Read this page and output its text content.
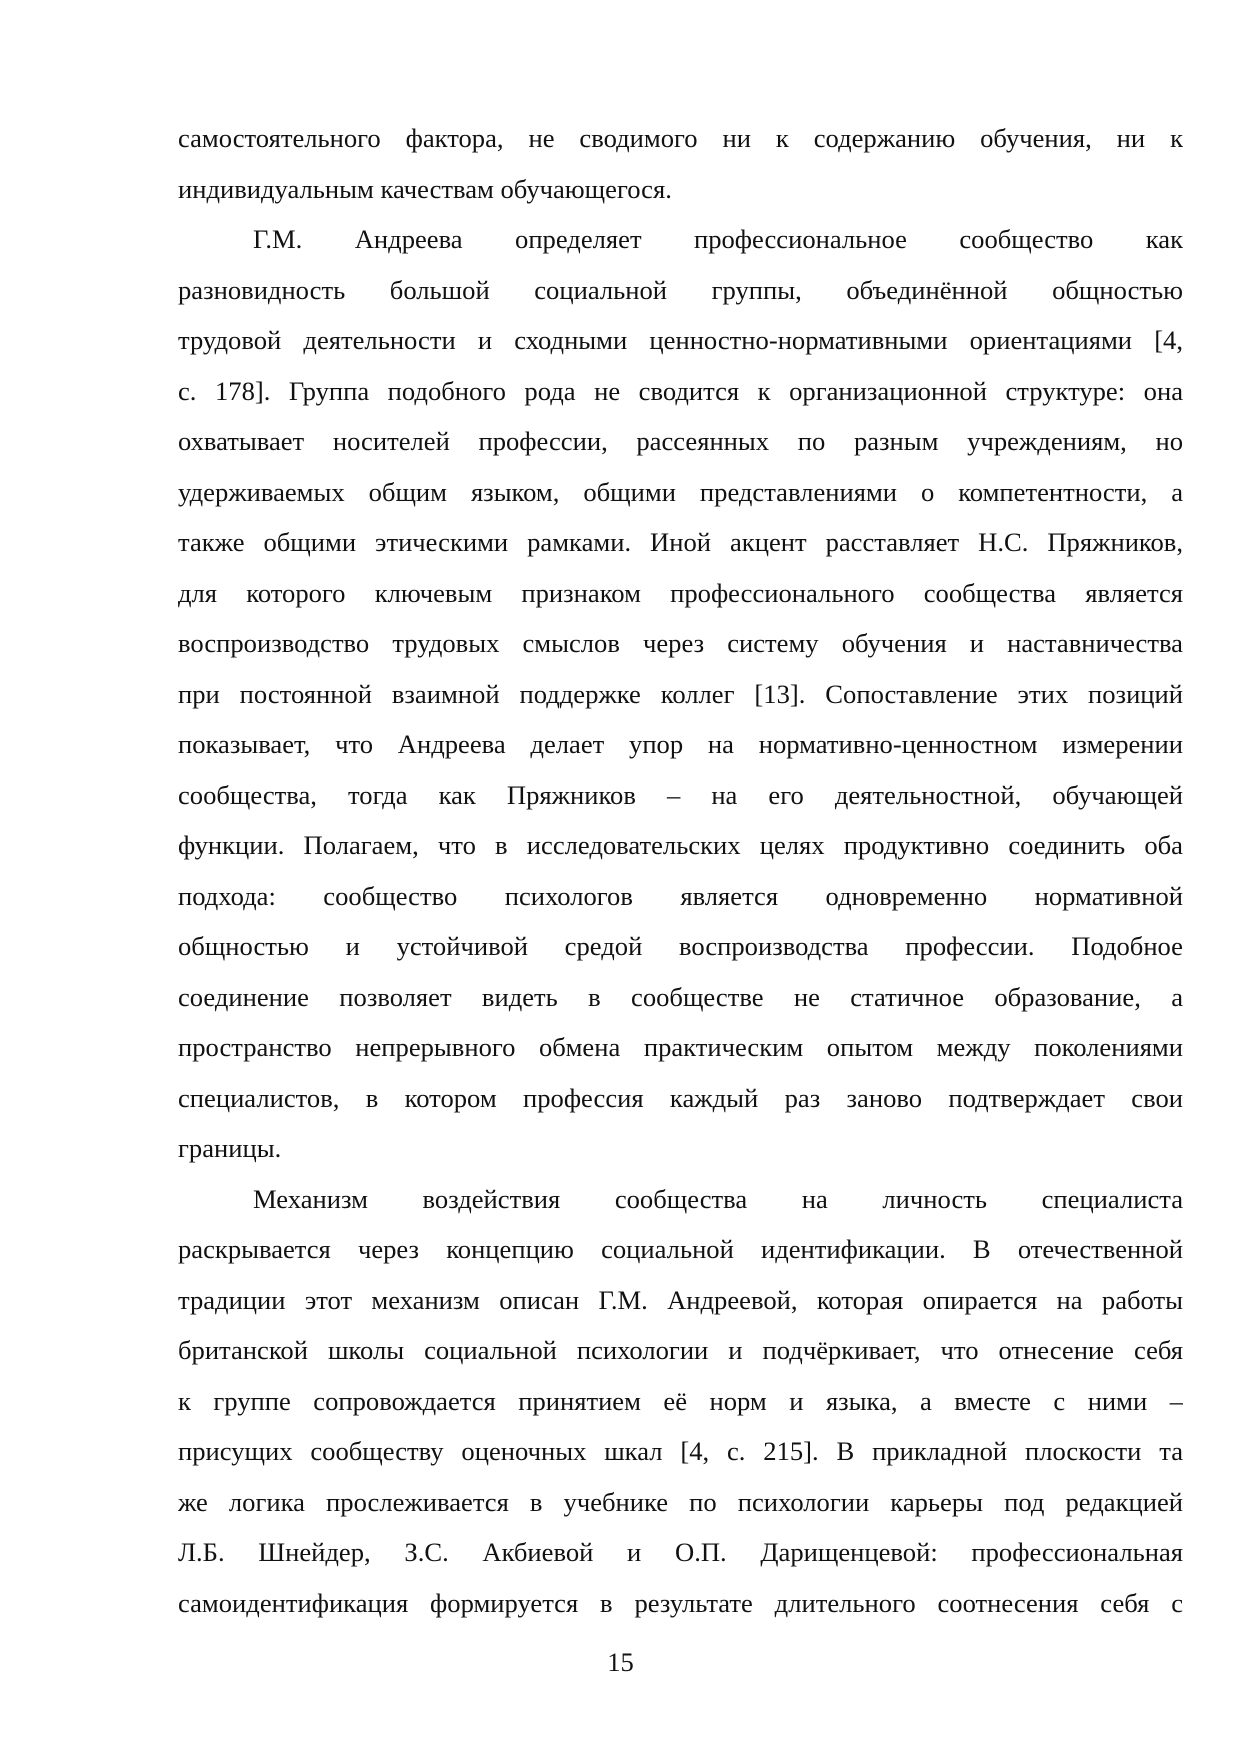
самостоятельного фактора, не сводимого ни к содержанию обучения, ни к
индивидуальным качествам обучающегося.
Г.М. Андреева определяет профессиональное сообщество как
разновидность большой социальной группы, объединённой общностью
трудовой деятельности и сходными ценностно-нормативными ориентациями [4,
с. 178]. Группа подобного рода не сводится к организационной структуре: она
охватывает носителей профессии, рассеянных по разным учреждениям, но
удерживаемых общим языком, общими представлениями о компетентности, а
также общими этическими рамками. Иной акцент расставляет Н.С. Пряжников,
для которого ключевым признаком профессионального сообщества является
воспроизводство трудовых смыслов через систему обучения и наставничества
при постоянной взаимной поддержке коллег [13]. Сопоставление этих позиций
показывает, что Андреева делает упор на нормативно-ценностном измерении
сообщества, тогда как Пряжников – на его деятельностной, обучающей
функции. Полагаем, что в исследовательских целях продуктивно соединить оба
подхода: сообщество психологов является одновременно нормативной
общностью и устойчивой средой воспроизводства профессии. Подобное
соединение позволяет видеть в сообществе не статичное образование, а
пространство непрерывного обмена практическим опытом между поколениями
специалистов, в котором профессия каждый раз заново подтверждает свои
границы.
Механизм воздействия сообщества на личность специалиста
раскрывается через концепцию социальной идентификации. В отечественной
традиции этот механизм описан Г.М. Андреевой, которая опирается на работы
британской школы социальной психологии и подчёркивает, что отнесение себя
к группе сопровождается принятием её норм и языка, а вместе с ними –
присущих сообществу оценочных шкал [4, с. 215]. В прикладной плоскости та
же логика прослеживается в учебнике по психологии карьеры под редакцией
Л.Б. Шнейдер, З.С. Акбиевой и О.П. Дарищенцевой: профессиональная
самоидентификация формируется в результате длительного соотнесения себя с
15
